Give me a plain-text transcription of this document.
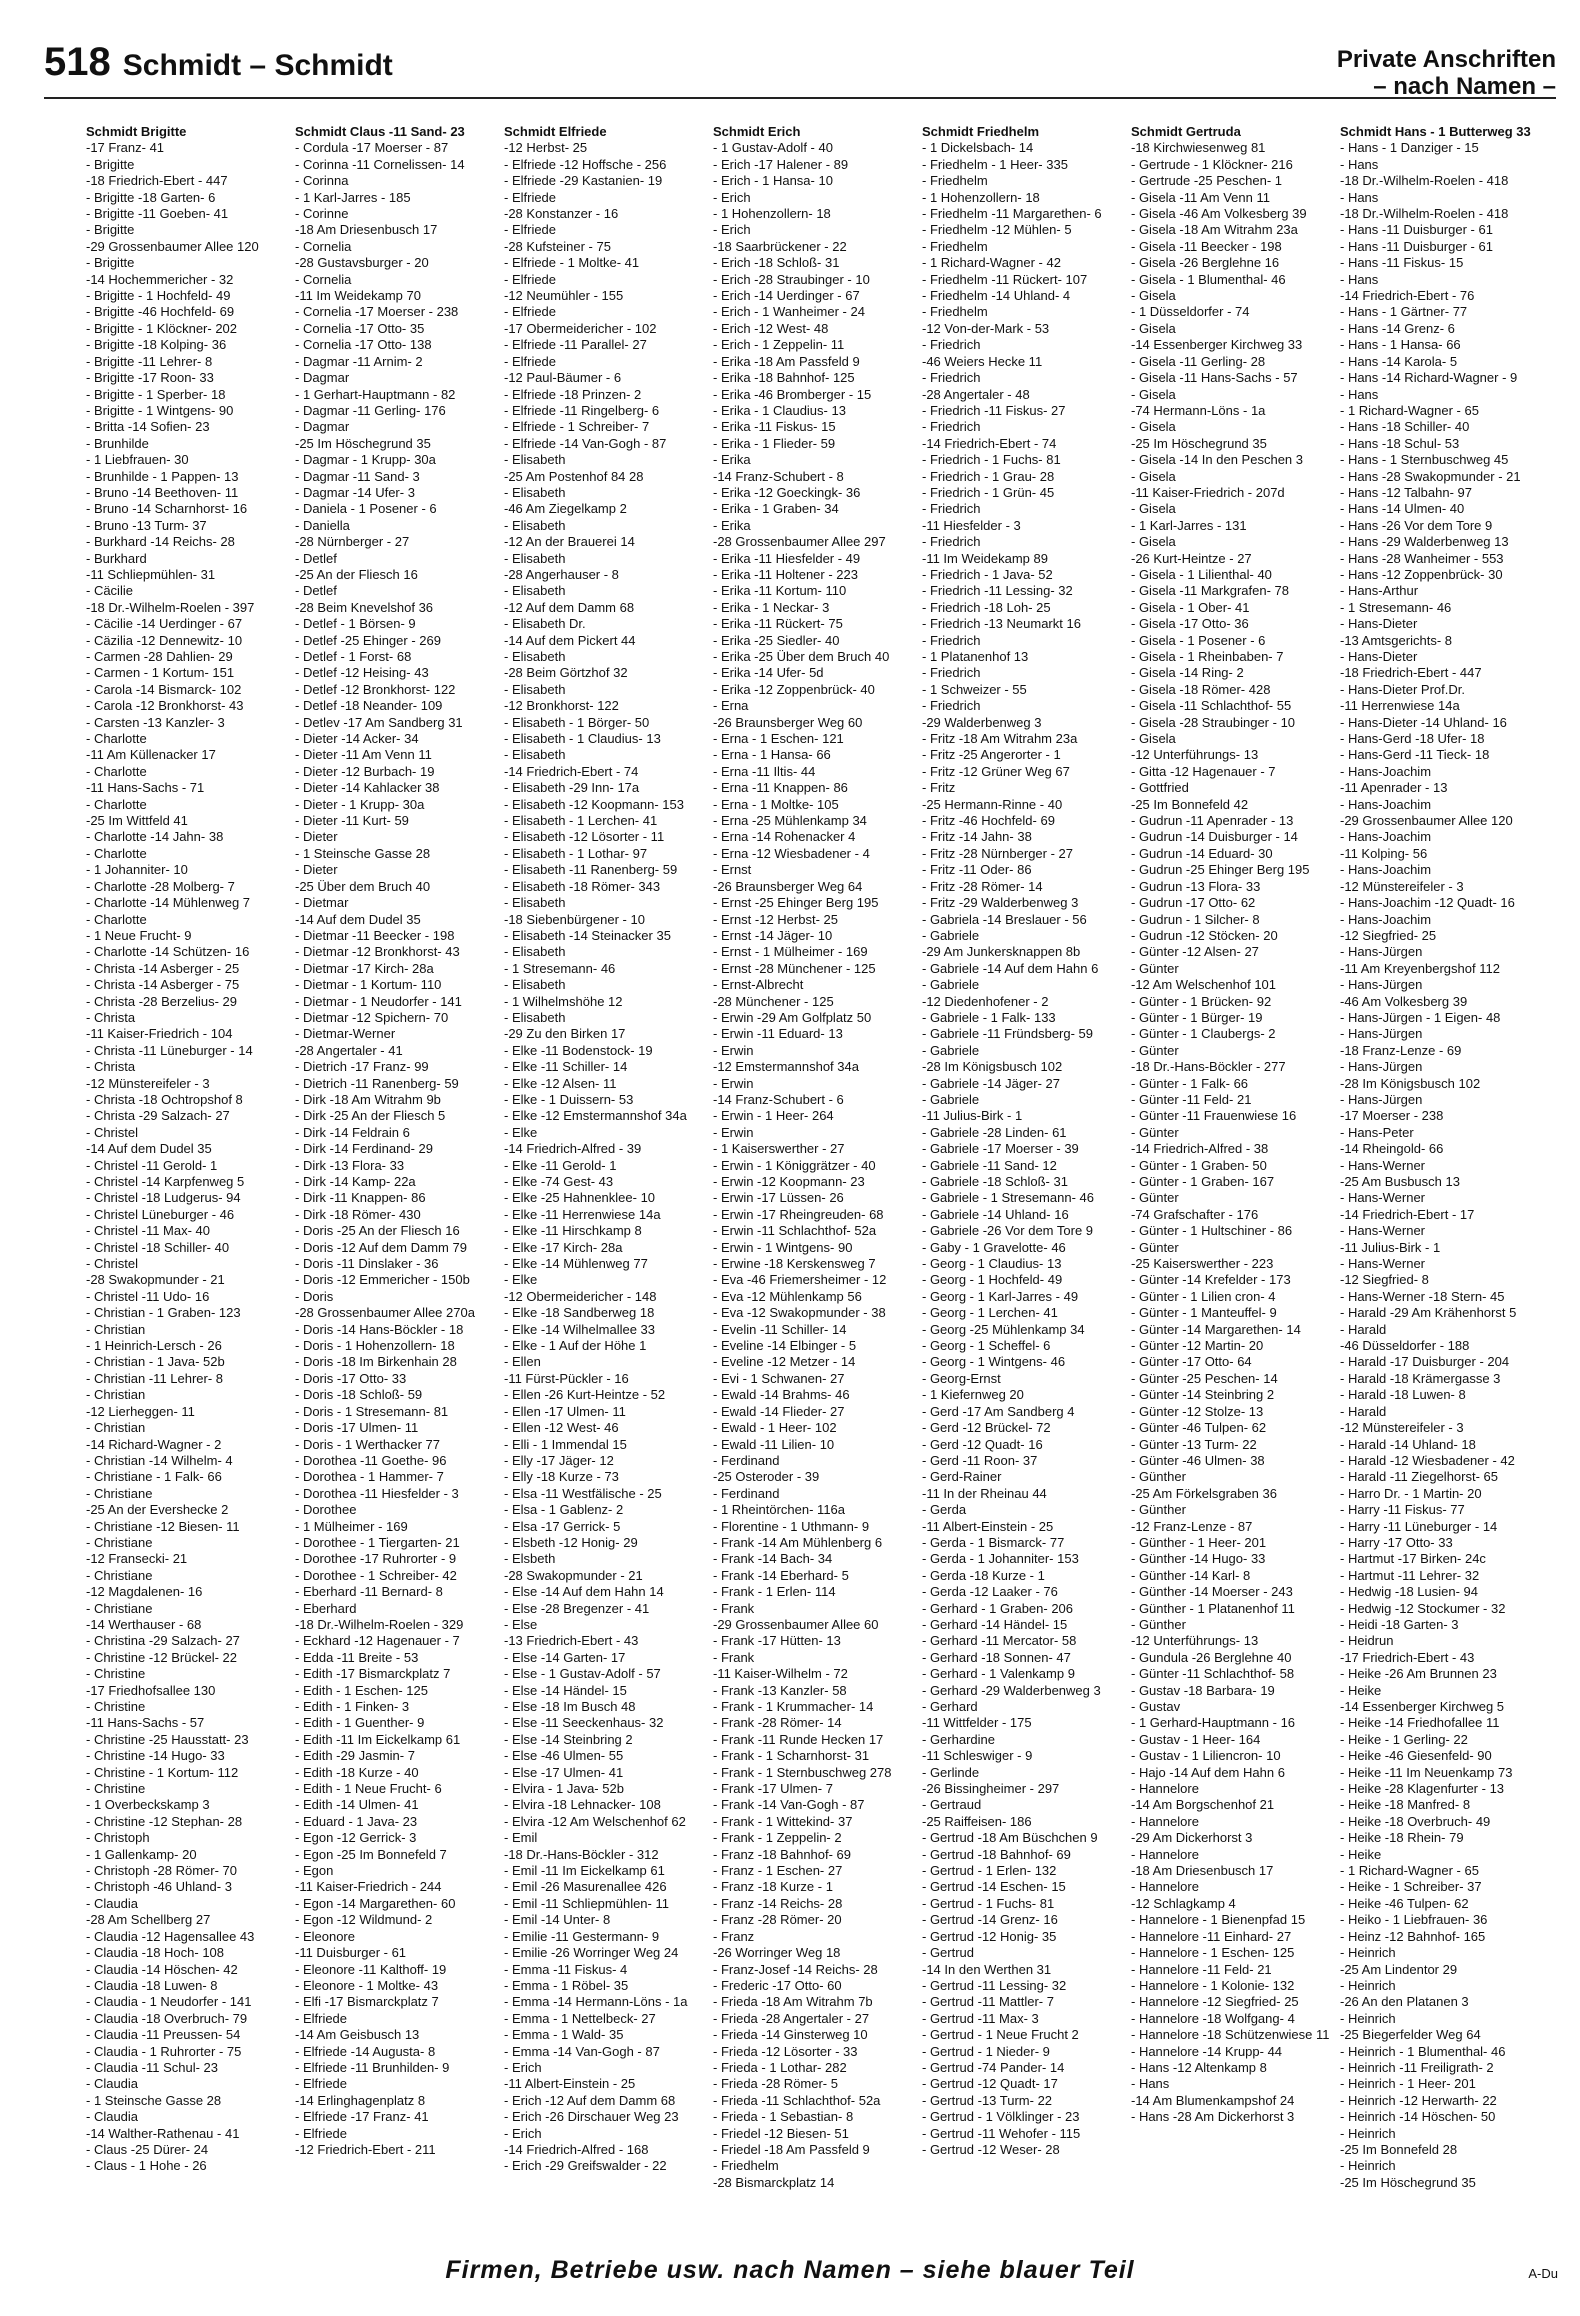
518 Schmidt – Schmidt	Private Anschriften
– nach Namen –
Schmidt Brigitte
-17 Franz- 41
- Brigitte
-18 Friedrich-Ebert - 447
- Brigitte -18 Garten- 6
- Brigitte -11 Goeben- 41
- Brigitte
-29 Grossenbaumer Allee 120
- Brigitte
-14 Hochemmericher - 32
- Brigitte - 1 Hochfeld- 49
- Brigitte -46 Hochfeld- 69
- Brigitte - 1 Klöckner- 202
- Brigitte -18 Kolping- 36
- Brigitte -11 Lehrer- 8
- Brigitte -17 Roon- 33
- Brigitte - 1 Sperber- 18
- Brigitte - 1 Wintgens- 90
- Britta -14 Sofien- 23
- Brunhilde
- 1 Liebfrauen- 30
- Brunhilde - 1 Pappen- 13
- Bruno -14 Beethoven- 11
- Bruno -14 Scharnhorst- 16
- Bruno -13 Turm- 37
- Burkhard -14 Reichs- 28
- Burkhard
-11 Schliepmühlen- 31
- Cäcilie
-18 Dr.-Wilhelm-Roelen - 397
- Cäcilie -14 Uerdinger - 67
- Cäzilia -12 Dennewitz- 10
- Carmen -28 Dahlien- 29
- Carmen - 1 Kortum- 151
- Carola -14 Bismarck- 102
- Carola -12 Bronkhorst- 43
- Carsten -13 Kanzler- 3
- Charlotte
-11 Am Küllenacker 17
- Charlotte
-11 Hans-Sachs - 71
- Charlotte
-25 Im Wittfeld 41
- Charlotte -14 Jahn- 38
- Charlotte
- 1 Johanniter- 10
- Charlotte -28 Molberg- 7
- Charlotte -14 Mühlenweg 7
- Charlotte
- 1 Neue Frucht- 9
- Charlotte -14 Schützen- 16
- Christa -14 Asberger - 25
- Christa -14 Asberger - 75
- Christa -28 Berzelius- 29
- Christa
-11 Kaiser-Friedrich - 104
- Christa -11 Lüneburger - 14
- Christa
-12 Münstereifeler - 3
- Christa -18 Ochtropshof 8
- Christa -29 Salzach- 27
- Christel
-14 Auf dem Dudel 35
- Christel -11 Gerold- 1
- Christel -14 Karpfenweg 5
- Christel -18 Ludgerus- 94
- Christel Lüneburger - 46
- Christel -11 Max- 40
- Christel -18 Schiller- 40
- Christel
-28 Swakopmunder - 21
- Christel -11 Udo- 16
- Christian - 1 Graben- 123
- Christian
- 1 Heinrich-Lersch - 26
- Christian - 1 Java- 52b
- Christian -11 Lehrer- 8
- Christian
-12 Lierheggen- 11
- Christian
-14 Richard-Wagner - 2
- Christian -14 Wilhelm- 4
- Christiane - 1 Falk- 66
- Christiane
-25 An der Evershecke 2
- Christiane -12 Biesen- 11
- Christiane
-12 Fransecki- 21
- Christiane
-12 Magdalenen- 16
- Christiane
-14 Werthauser - 68
- Christina -29 Salzach- 27
- Christine -12 Brückel- 22
- Christine
-17 Friedhofsallee 130
- Christine
-11 Hans-Sachs - 57
- Christine -25 Hausstatt- 23
- Christine -14 Hugo- 33
- Christine - 1 Kortum- 112
- Christine
- 1 Overbeckskamp 3
- Christine -12 Stephan- 28
- Christoph
- 1 Gallenkamp- 20
- Christoph -28 Römer- 70
- Christoph -46 Uhland- 3
- Claudia
-28 Am Schellberg 27
- Claudia -12 Hagensallee 43
- Claudia -18 Hoch- 108
- Claudia -14 Höschen- 42
- Claudia -18 Luwen- 8
- Claudia - 1 Neudorfer - 141
- Claudia -18 Overbruch- 79
- Claudia -11 Preussen- 54
- Claudia - 1 Ruhrorter - 75
- Claudia -11 Schul- 23
- Claudia
- 1 Steinsche Gasse 28
- Claudia
-14 Walther-Rathenau - 41
- Claus -25 Dürer- 24
- Claus - 1 Hohe - 26
Schmidt Claus -11 Sand- 23
- Cordula -17 Moerser - 87
- Corinna -11 Cornelissen- 14
- Corinna
- 1 Karl-Jarres - 185
- Corinne
-18 Am Driesenbusch 17
- Cornelia
-28 Gustavsburger - 20
- Cornelia
-11 Im Weidekamp 70
- Cornelia -17 Moerser - 238
- Cornelia -17 Otto- 35
- Cornelia -17 Otto- 138
- Dagmar -11 Arnim- 2
- Dagmar
- 1 Gerhart-Hauptmann - 82
- Dagmar -11 Gerling- 176
- Dagmar
-25 Im Höschegrund 35
- Dagmar - 1 Krupp- 30a
- Dagmar -11 Sand- 3
- Dagmar -14 Ufer- 3
- Daniela - 1 Posener - 6
- Daniella
-28 Nürnberger - 27
- Detlef
-25 An der Fliesch 16
- Detlef
-28 Beim Knevelshof 36
- Detlef - 1 Börsen- 9
- Detlef -25 Ehinger - 269
- Detlef - 1 Forst- 68
- Detlef -12 Heising- 43
- Detlef -12 Bronkhorst- 122
- Detlef -18 Neander- 109
- Detlev -17 Am Sandberg 31
- Dieter -14 Acker- 34
- Dieter -11 Am Venn 11
- Dieter -12 Burbach- 19
- Dieter -14 Kahlacker 38
- Dieter - 1 Krupp- 30a
- Dieter -11 Kurt- 59
- Dieter
- 1 Steinsche Gasse 28
- Dieter
-25 Über dem Bruch 40
- Dietmar
-14 Auf dem Dudel 35
- Dietmar -11 Beecker - 198
- Dietmar -12 Bronkhorst- 43
- Dietmar -17 Kirch- 28a
- Dietmar - 1 Kortum- 110
- Dietmar - 1 Neudorfer - 141
- Dietmar -12 Spichern- 70
- Dietmar-Werner
-28 Angertaler - 41
- Dietrich -17 Franz- 99
- Dietrich -11 Ranenberg- 59
- Dirk -18 Am Witrahm 9b
- Dirk -25 An der Fliesch 5
- Dirk -14 Feldrain 6
- Dirk -14 Ferdinand- 29
- Dirk -13 Flora- 33
- Dirk -14 Kamp- 22a
- Dirk -11 Knappen- 86
- Dirk -18 Römer- 430
- Doris -25 An der Fliesch 16
- Doris -12 Auf dem Damm 79
- Doris -11 Dinslaker - 36
- Doris -12 Emmericher - 150b
- Doris
-28 Grossenbaumer Allee 270a
- Doris -14 Hans-Böckler - 18
- Doris - 1 Hohenzollern- 18
- Doris -18 Im Birkenhain 28
- Doris -17 Otto- 33
- Doris -18 Schloß- 59
- Doris - 1 Stresemann- 81
- Doris -17 Ulmen- 11
- Doris - 1 Werthacker 77
- Dorothea -11 Goethe- 96
- Dorothea - 1 Hammer- 7
- Dorothea -11 Hiesfelder - 3
- Dorothee
- 1 Mülheimer - 169
- Dorothee - 1 Tiergarten- 21
- Dorothee -17 Ruhrorter - 9
- Dorothee - 1 Schreiber- 42
- Eberhard -11 Bernard- 8
- Eberhard
-18 Dr.-Wilhelm-Roelen - 329
- Eckhard -12 Hagenauer - 7
- Edda -11 Breite - 53
- Edith -17 Bismarckplatz 7
- Edith - 1 Eschen- 125
- Edith - 1 Finken- 3
- Edith - 1 Guenther- 9
- Edith -11 Im Eickelkamp 61
- Edith -29 Jasmin- 7
- Edith -18 Kurze - 40
- Edith - 1 Neue Frucht- 6
- Edith -14 Ulmen- 41
- Eduard - 1 Java- 23
- Egon -12 Gerrick- 3
- Egon -25 Im Bonnefeld 7
- Egon
-11 Kaiser-Friedrich - 244
- Egon -14 Margarethen- 60
- Egon -12 Wildmund- 2
- Eleonore
-11 Duisburger - 61
- Eleonore -11 Kalthoff- 19
- Eleonore - 1 Moltke- 43
- Elfi -17 Bismarckplatz 7
- Elfriede
-14 Am Geisbusch 13
- Elfriede -14 Augusta- 8
- Elfriede -11 Brunhilden- 9
- Elfriede
-14 Erlinghagenplatz 8
- Elfriede -17 Franz- 41
- Elfriede
-12 Friedrich-Ebert - 211
Schmidt Elfriede
-12 Herbst- 25
- Elfriede -12 Hoffsche - 256
- Elfriede -29 Kastanien- 19
- Elfriede
-28 Konstanzer - 16
- Elfriede
-28 Kufsteiner - 75
- Elfriede - 1 Moltke- 41
- Elfriede
-12 Neumühler - 155
- Elfriede
-17 Obermeidericher - 102
- Elfriede -11 Parallel- 27
- Elfriede
-12 Paul-Bäumer - 6
- Elfriede -18 Prinzen- 2
- Elfriede -11 Ringelberg- 6
- Elfriede - 1 Schreiber- 7
- Elfriede -14 Van-Gogh - 87
- Elisabeth
-25 Am Postenhof 84 28
- Elisabeth
-46 Am Ziegelkamp 2
- Elisabeth
-12 An der Brauerei 14
- Elisabeth
-28 Angerhauser - 8
- Elisabeth
-12 Auf dem Damm 68
- Elisabeth Dr.
-14 Auf dem Pickert 44
- Elisabeth
-28 Beim Görtzhof 32
- Elisabeth
-12 Bronkhorst- 122
- Elisabeth - 1 Börger- 50
- Elisabeth - 1 Claudius- 13
- Elisabeth
-14 Friedrich-Ebert - 74
- Elisabeth -29 Inn- 17a
- Elisabeth -12 Koopmann- 153
- Elisabeth - 1 Lerchen- 41
- Elisabeth -12 Lösorter - 11
- Elisabeth - 1 Lothar- 97
- Elisabeth -11 Ranenberg- 59
- Elisabeth -18 Römer- 343
- Elisabeth
-18 Siebenbürgener - 10
- Elisabeth -14 Steinacker 35
- Elisabeth
- 1 Stresemann- 46
- Elisabeth
- 1 Wilhelmshöhe 12
- Elisabeth
-29 Zu den Birken 17
- Elke -11 Bodenstock- 19
- Elke -11 Schiller- 14
- Elke -12 Alsen- 11
- Elke - 1 Duissern- 53
- Elke -12 Emstermannshof 34a
- Elke
-14 Friedrich-Alfred - 39
- Elke -11 Gerold- 1
- Elke -74 Gest- 43
- Elke -25 Hahnenklee- 10
- Elke -11 Herrenwiese 14a
- Elke -11 Hirschkamp 8
- Elke -17 Kirch- 28a
- Elke -14 Mühlenweg 77
- Elke
-12 Obermeidericher - 148
- Elke -18 Sandberweg 18
- Elke -14 Wilhelmallee 33
- Elke - 1 Auf der Höhe 1
- Ellen
-11 Fürst-Pückler - 16
- Ellen -26 Kurt-Heintze - 52
- Ellen -17 Ulmen- 11
- Ellen -12 West- 46
- Elli - 1 Immendal 15
- Elly -17 Jäger- 12
- Elly -18 Kurze - 73
- Elsa -11 Westfälische - 25
- Elsa - 1 Gablenz- 2
- Elsa -17 Gerrick- 5
- Elsbeth -12 Honig- 29
- Elsbeth
-28 Swakopmunder - 21
- Else -14 Auf dem Hahn 14
- Else -28 Bregenzer - 41
- Else
-13 Friedrich-Ebert - 43
- Else -14 Garten- 17
- Else - 1 Gustav-Adolf - 57
- Else -14 Händel- 15
- Else -18 Im Busch 48
- Else -11 Seeckenhaus- 32
- Else -14 Steinbring 2
- Else -46 Ulmen- 55
- Else -17 Ulmen- 41
- Elvira - 1 Java- 52b
- Elvira -18 Lehnacker- 108
- Elvira -12 Am Welschenhof 62
- Emil
-18 Dr.-Hans-Böckler - 312
- Emil -11 Im Eickelkamp 61
- Emil -26 Masurenallee 426
- Emil -11 Schliepmühlen- 11
- Emil -14 Unter- 8
- Emilie -11 Gestermann- 9
- Emilie -26 Worringer Weg 24
- Emma -11 Fiskus- 4
- Emma - 1 Röbel- 35
- Emma -14 Hermann-Löns - 1a
- Emma - 1 Nettelbeck- 27
- Emma - 1 Wald- 35
- Emma -14 Van-Gogh - 87
- Erich
-11 Albert-Einstein - 25
- Erich -12 Auf dem Damm 68
- Erich -26 Dirschauer Weg 23
- Erich
-14 Friedrich-Alfred - 168
- Erich -29 Greifswalder - 22
Schmidt Erich
- 1 Gustav-Adolf - 40
- Erich -17 Halener - 89
- Erich - 1 Hansa- 10
- Erich
- 1 Hohenzollern- 18
- Erich
-18 Saarbrückener - 22
- Erich -18 Schloß- 31
- Erich -28 Straubinger - 10
- Erich -14 Uerdinger - 67
- Erich - 1 Wanheimer - 24
- Erich -12 West- 48
- Erich - 1 Zeppelin- 11
- Erika -18 Am Passfeld 9
- Erika -18 Bahnhof- 125
- Erika -46 Bromberger - 15
- Erika - 1 Claudius- 13
- Erika -11 Fiskus- 15
- Erika - 1 Flieder- 59
- Erika
-14 Franz-Schubert - 8
- Erika -12 Goeckingk- 36
- Erika - 1 Graben- 34
- Erika
-28 Grossenbaumer Allee 297
- Erika -11 Hiesfelder - 49
- Erika -11 Holtener - 223
- Erika -11 Kortum- 110
- Erika - 1 Neckar- 3
- Erika -11 Rückert- 75
- Erika -25 Siedler- 40
- Erika -25 Über dem Bruch 40
- Erika -14 Ufer- 5d
- Erika -12 Zoppenbrück- 40
- Erna
-26 Braunsberger Weg 60
- Erna - 1 Eschen- 121
- Erna - 1 Hansa- 66
- Erna -11 Iltis- 44
- Erna -11 Knappen- 86
- Erna - 1 Moltke- 105
- Erna -25 Mühlenkamp 34
- Erna -14 Rohenacker 4
- Erna -12 Wiesbadener - 4
- Ernst
-26 Braunsberger Weg 64
- Ernst -25 Ehinger Berg 195
- Ernst -12 Herbst- 25
- Ernst -14 Jäger- 10
- Ernst - 1 Mülheimer - 169
- Ernst -28 Münchener - 125
- Ernst-Albrecht
-28 Münchener - 125
- Erwin -29 Am Golfplatz 50
- Erwin -11 Eduard- 13
- Erwin
-12 Emstermannshof 34a
- Erwin
-14 Franz-Schubert - 6
- Erwin - 1 Heer- 264
- Erwin
- 1 Kaiserswerther - 27
- Erwin - 1 Königgrätzer - 40
- Erwin -12 Koopmann- 23
- Erwin -17 Lüssen- 26
- Erwin -17 Rheingreuden- 68
- Erwin -11 Schlachthof- 52a
- Erwin - 1 Wintgens- 90
- Erwine -18 Kerskensweg 7
- Eva -46 Friemersheimer - 12
- Eva -12 Mühlenkamp 56
- Eva -12 Swakopmunder - 38
- Evelin -11 Schiller- 14
- Eveline -14 Elbinger - 5
- Eveline -12 Metzer - 14
- Evi - 1 Schwanen- 27
- Ewald -14 Brahms- 46
- Ewald -14 Flieder- 27
- Ewald - 1 Heer- 102
- Ewald -11 Lilien- 10
- Ferdinand
-25 Osteroder - 39
- Ferdinand
- 1 Rheintörchen- 116a
- Florentine - 1 Uthmann- 9
- Frank -14 Am Mühlenberg 6
- Frank -14 Bach- 34
- Frank -14 Eberhard- 5
- Frank - 1 Erlen- 114
- Frank
-29 Grossenbaumer Allee 60
- Frank -17 Hütten- 13
- Frank
-11 Kaiser-Wilhelm - 72
- Frank -13 Kanzler- 58
- Frank - 1 Krummacher- 14
- Frank -28 Römer- 14
- Frank -11 Runde Hecken 17
- Frank - 1 Scharnhorst- 31
- Frank - 1 Sternbuschweg 278
- Frank -17 Ulmen- 7
- Frank -14 Van-Gogh - 87
- Frank - 1 Wittekind- 37
- Frank - 1 Zeppelin- 2
- Franz -18 Bahnhof- 69
- Franz - 1 Eschen- 27
- Franz -18 Kurze - 1
- Franz -14 Reichs- 28
- Franz -28 Römer- 20
- Franz
-26 Worringer Weg 18
- Franz-Josef -14 Reichs- 28
- Frederic -17 Otto- 60
- Frieda -18 Am Witrahm 7b
- Frieda -28 Angertaler - 27
- Frieda -14 Ginsterweg 10
- Frieda -12 Lösorter - 33
- Frieda - 1 Lothar- 282
- Frieda -28 Römer- 5
- Frieda -11 Schlachthof- 52a
- Frieda - 1 Sebastian- 8
- Friedel -12 Biesen- 51
- Friedel -18 Am Passfeld 9
- Friedhelm
-28 Bismarckplatz 14
Schmidt Friedhelm
- 1 Dickelsbach- 14
- Friedhelm - 1 Heer- 335
- Friedhelm
- 1 Hohenzollern- 18
- Friedhelm -11 Margarethen- 6
- Friedhelm -12 Mühlen- 5
- Friedhelm
- 1 Richard-Wagner - 42
- Friedhelm -11 Rückert- 107
- Friedhelm -14 Uhland- 4
- Friedhelm
-12 Von-der-Mark - 53
- Friedrich
-46 Weiers Hecke 11
- Friedrich
-28 Angertaler - 48
- Friedrich -11 Fiskus- 27
- Friedrich
-14 Friedrich-Ebert - 74
- Friedrich - 1 Fuchs- 81
- Friedrich - 1 Grau- 28
- Friedrich - 1 Grün- 45
- Friedrich
-11 Hiesfelder - 3
- Friedrich
-11 Im Weidekamp 89
- Friedrich - 1 Java- 52
- Friedrich -11 Lessing- 32
- Friedrich -18 Loh- 25
- Friedrich -13 Neumarkt 16
- Friedrich
- 1 Platanenhof 13
- Friedrich
- 1 Schweizer - 55
- Friedrich
-29 Walderbenweg 3
- Fritz -18 Am Witrahm 23a
- Fritz -25 Angerorter - 1
- Fritz -12 Grüner Weg 67
- Fritz
-25 Hermann-Rinne - 40
- Fritz -46 Hochfeld- 69
- Fritz -14 Jahn- 38
- Fritz -28 Nürnberger - 27
- Fritz -11 Oder- 86
- Fritz -28 Römer- 14
- Fritz -29 Walderbenweg 3
- Gabriela -14 Breslauer - 56
- Gabriele
-29 Am Junkersknappen 8b
- Gabriele -14 Auf dem Hahn 6
- Gabriele
-12 Diedenhofener - 2
- Gabriele - 1 Falk- 133
- Gabriele -11 Fründsberg- 59
- Gabriele
-28 Im Königsbusch 102
- Gabriele -14 Jäger- 27
- Gabriele
-11 Julius-Birk - 1
- Gabriele -28 Linden- 61
- Gabriele -17 Moerser - 39
- Gabriele -11 Sand- 12
- Gabriele -18 Schloß- 31
- Gabriele - 1 Stresemann- 46
- Gabriele -14 Uhland- 16
- Gabriele -26 Vor dem Tore 9
- Gaby - 1 Gravelotte- 46
- Georg - 1 Claudius- 13
- Georg - 1 Hochfeld- 49
- Georg - 1 Karl-Jarres - 49
- Georg - 1 Lerchen- 41
- Georg -25 Mühlenkamp 34
- Georg - 1 Scheffel- 6
- Georg - 1 Wintgens- 46
- Georg-Ernst
- 1 Kiefernweg 20
- Gerd -17 Am Sandberg 4
- Gerd -12 Brückel- 72
- Gerd -12 Quadt- 16
- Gerd -11 Roon- 37
- Gerd-Rainer
-11 In der Rheinau 44
- Gerda
-11 Albert-Einstein - 25
- Gerda - 1 Bismarck- 77
- Gerda - 1 Johanniter- 153
- Gerda -18 Kurze - 1
- Gerda -12 Laaker - 76
- Gerhard - 1 Graben- 206
- Gerhard -14 Händel- 15
- Gerhard -11 Mercator- 58
- Gerhard -18 Sonnen- 47
- Gerhard - 1 Valenkamp 9
- Gerhard -29 Walderbenweg 3
- Gerhard
-11 Wittfelder - 175
- Gerhardine
-11 Schleswiger - 9
- Gerlinde
-26 Bissingheimer - 297
- Gertraud
-25 Raiffeisen- 186
- Gertrud -18 Am Büschchen 9
- Gertrud -18 Bahnhof- 69
- Gertrud - 1 Erlen- 132
- Gertrud -14 Eschen- 15
- Gertrud - 1 Fuchs- 81
- Gertrud -14 Grenz- 16
- Gertrud -12 Honig- 35
- Gertrud
-14 In den Werthen 31
- Gertrud -11 Lessing- 32
- Gertrud -11 Mattler- 7
- Gertrud -11 Max- 3
- Gertrud - 1 Neue Frucht 2
- Gertrud - 1 Nieder- 9
- Gertrud -74 Pander- 14
- Gertrud -12 Quadt- 17
- Gertrud -13 Turm- 22
- Gertrud - 1 Völklinger - 23
- Gertrud -11 Wehofer - 115
- Gertrud -12 Weser- 28
Schmidt Gertruda
-18 Kirchwiesenweg 81
- Gertrude - 1 Klöckner- 216
- Gertrude -25 Peschen- 1
- Gisela -11 Am Venn 11
- Gisela -46 Am Volkesberg 39
- Gisela -18 Am Witrahm 23a
- Gisela -11 Beecker - 198
- Gisela -26 Berglehne 16
- Gisela - 1 Blumenthal- 46
- Gisela
- 1 Düsseldorfer - 74
- Gisela
-14 Essenberger Kirchweg 33
- Gisela -11 Gerling- 28
- Gisela -11 Hans-Sachs - 57
- Gisela
-74 Hermann-Löns - 1a
- Gisela
-25 Im Höschegrund 35
- Gisela -14 In den Peschen 3
- Gisela
-11 Kaiser-Friedrich - 207d
- Gisela
- 1 Karl-Jarres - 131
- Gisela
-26 Kurt-Heintze - 27
- Gisela - 1 Lilienthal- 40
- Gisela -11 Markgrafen- 78
- Gisela - 1 Ober- 41
- Gisela -17 Otto- 36
- Gisela - 1 Posener - 6
- Gisela - 1 Rheinbaben- 7
- Gisela -14 Ring- 2
- Gisela -18 Römer- 428
- Gisela -11 Schlachthof- 55
- Gisela -28 Straubinger - 10
- Gisela
-12 Unterführungs- 13
- Gitta -12 Hagenauer - 7
- Gottfried
-25 Im Bonnefeld 42
- Gudrun -11 Apenrader - 13
- Gudrun -14 Duisburger - 14
- Gudrun -14 Eduard- 30
- Gudrun -25 Ehinger Berg 195
- Gudrun -13 Flora- 33
- Gudrun -17 Otto- 62
- Gudrun - 1 Silcher- 8
- Gudrun -12 Stöcken- 20
- Günter -12 Alsen- 27
- Günter
-12 Am Welschenhof 101
- Günter - 1 Brücken- 92
- Günter - 1 Bürger- 19
- Günter - 1 Claubergs- 2
- Günter
-18 Dr.-Hans-Böckler - 277
- Günter - 1 Falk- 66
- Günter -11 Feld- 21
- Günter -11 Frauenwiese 16
- Günter
-14 Friedrich-Alfred - 38
- Günter - 1 Graben- 50
- Günter - 1 Graben- 167
- Günter
-74 Grafschafter - 176
- Günter - 1 Hultschiner - 86
- Günter
-25 Kaiserswerther - 223
- Günter -14 Krefelder - 173
- Günter - 1 Lilien cron- 4
- Günter - 1 Manteuffel- 9
- Günter -14 Margarethen- 14
- Günter -12 Martin- 20
- Günter -17 Otto- 64
- Günter -25 Peschen- 14
- Günter -14 Steinbring 2
- Günter -12 Stolze- 13
- Günter -46 Tulpen- 62
- Günter -13 Turm- 22
- Günter -46 Ulmen- 38
- Günther
-25 Am Förkelsgraben 36
- Günther
-12 Franz-Lenze - 87
- Günther - 1 Heer- 201
- Günther -14 Hugo- 33
- Günther -14 Karl- 8
- Günther -14 Moerser - 243
- Günther - 1 Platanenhof 11
- Günther
-12 Unterführungs- 13
- Gundula -26 Berglehne 40
- Günter -11 Schlachthof- 58
- Gustav -18 Barbara- 19
- Gustav
- 1 Gerhard-Hauptmann - 16
- Gustav - 1 Heer- 164
- Gustav - 1 Liliencron- 10
- Hajo -14 Auf dem Hahn 6
- Hannelore
-14 Am Borgschenhof 21
- Hannelore
-29 Am Dickerhorst 3
- Hannelore
-18 Am Driesenbusch 17
- Hannelore
-12 Schlagkamp 4
- Hannelore - 1 Bienenpfad 15
- Hannelore -11 Einhard- 27
- Hannelore - 1 Eschen- 125
- Hannelore -11 Feld- 21
- Hannelore - 1 Kolonie- 132
- Hannelore -12 Siegfried- 25
- Hannelore -18 Wolfgang- 4
- Hannelore -18 Schützenwiese 11
- Hannelore -14 Krupp- 44
- Hans -12 Altenkamp 8
- Hans
-14 Am Blumenkampshof 24
- Hans -28 Am Dickerhorst 3
Schmidt Hans - 1 Butterweg 33
- Hans - 1 Danziger - 15
- Hans
-18 Dr.-Wilhelm-Roelen - 418
- Hans
-18 Dr.-Wilhelm-Roelen - 418
- Hans -11 Duisburger - 61
- Hans -11 Duisburger - 61
- Hans -11 Fiskus- 15
- Hans
-14 Friedrich-Ebert - 76
- Hans - 1 Gärtner- 77
- Hans -14 Grenz- 6
- Hans - 1 Hansa- 66
- Hans -14 Karola- 5
- Hans -14 Richard-Wagner - 9
- Hans
- 1 Richard-Wagner - 65
- Hans -18 Schiller- 40
- Hans -18 Schul- 53
- Hans - 1 Sternbuschweg 45
- Hans -28 Swakopmunder - 21
- Hans -12 Talbahn- 97
- Hans -14 Ulmen- 40
- Hans -26 Vor dem Tore 9
- Hans -29 Walderbenweg 13
- Hans -28 Wanheimer - 553
- Hans -12 Zoppenbrück- 30
- Hans-Arthur
- 1 Stresemann- 46
- Hans-Dieter
-13 Amtsgerichts- 8
- Hans-Dieter
-18 Friedrich-Ebert - 447
- Hans-Dieter Prof.Dr.
-11 Herrenwiese 14a
- Hans-Dieter -14 Uhland- 16
- Hans-Gerd -18 Ufer- 18
- Hans-Gerd -11 Tieck- 18
- Hans-Joachim
-11 Apenrader - 13
- Hans-Joachim
-29 Grossenbaumer Allee 120
- Hans-Joachim
-11 Kolping- 56
- Hans-Joachim
-12 Münstereifeler - 3
- Hans-Joachim -12 Quadt- 16
- Hans-Joachim
-12 Siegfried- 25
- Hans-Jürgen
-11 Am Kreyenbergshof 112
- Hans-Jürgen
-46 Am Volkesberg 39
- Hans-Jürgen - 1 Eigen- 48
- Hans-Jürgen
-18 Franz-Lenze - 69
- Hans-Jürgen
-28 Im Königsbusch 102
- Hans-Jürgen
-17 Moerser - 238
- Hans-Peter
-14 Rheingold- 66
- Hans-Werner
-25 Am Busbusch 13
- Hans-Werner
-14 Friedrich-Ebert - 17
- Hans-Werner
-11 Julius-Birk - 1
- Hans-Werner
-12 Siegfried- 8
- Hans-Werner -18 Stern- 45
- Harald -29 Am Krähenhorst 5
- Harald
-46 Düsseldorfer - 188
- Harald -17 Duisburger - 204
- Harald -18 Krämergasse 3
- Harald -18 Luwen- 8
- Harald
-12 Münstereifeler - 3
- Harald -14 Uhland- 18
- Harald -12 Wiesbadener - 42
- Harald -11 Ziegelhorst- 65
- Harro Dr. - 1 Martin- 20
- Harry -11 Fiskus- 77
- Harry -11 Lüneburger - 14
- Harry -17 Otto- 33
- Hartmut -17 Birken- 24c
- Hartmut -11 Lehrer- 32
- Hedwig -18 Lusien- 94
- Hedwig -12 Stockumer - 32
- Heidi -18 Garten- 3
- Heidrun
-17 Friedrich-Ebert - 43
- Heike -26 Am Brunnen 23
- Heike
-14 Essenberger Kirchweg 5
- Heike -14 Friedhofallee 11
- Heike - 1 Gerling- 22
- Heike -46 Giesenfeld- 90
- Heike -11 Im Neuenkamp 73
- Heike -28 Klagenfurter - 13
- Heike -18 Manfred- 8
- Heike -18 Overbruch- 49
- Heike -18 Rhein- 79
- Heike
- 1 Richard-Wagner - 65
- Heike - 1 Schreiber- 37
- Heike -46 Tulpen- 62
- Heiko - 1 Liebfrauen- 36
- Heinz -12 Bahnhof- 165
- Heinrich
-25 Am Lindentor 29
- Heinrich
-26 An den Platanen 3
- Heinrich
-25 Biegerfelder Weg 64
- Heinrich - 1 Blumenthal- 46
- Heinrich -11 Freiligrath- 2
- Heinrich - 1 Heer- 201
- Heinrich -12 Herwarth- 22
- Heinrich -14 Höschen- 50
- Heinrich
-25 Im Bonnefeld 28
- Heinrich
-25 Im Höschegrund 35
Firmen, Betriebe usw. nach Namen – siehe blauer Teil	A-Du
